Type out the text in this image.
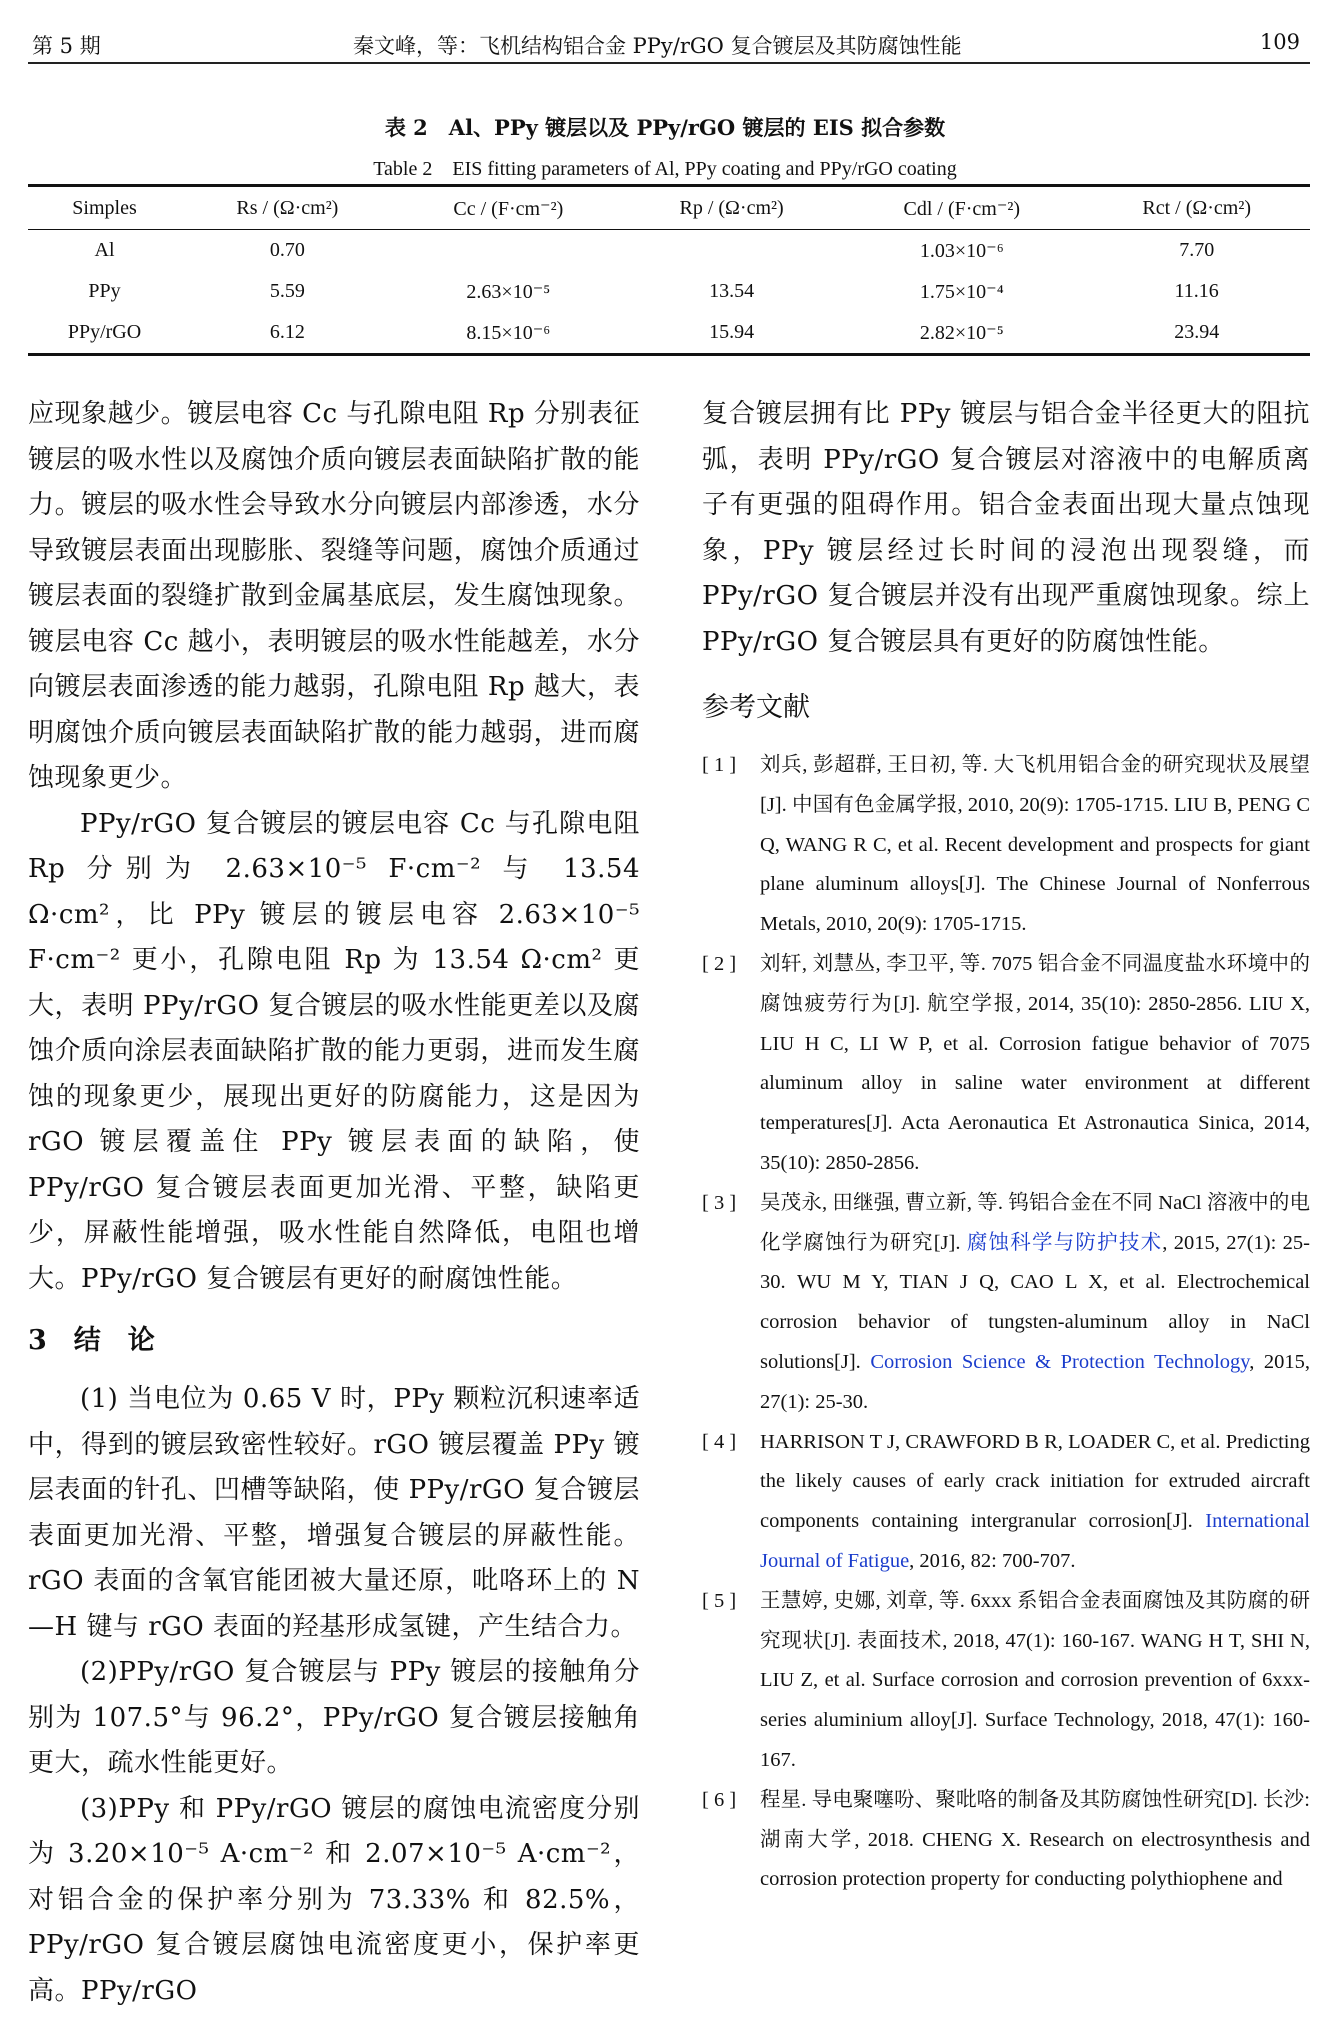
第 5 期	秦文峰，等：飞机结构铝合金 PPy/rGO 复合镀层及其防腐蚀性能	109
表 2　Al、PPy 镀层以及 PPy/rGO 镀层的 EIS 拟合参数
Table 2　EIS fitting parameters of Al, PPy coating and PPy/rGO coating
Simples	Rs / (Ω·cm²)	Cc / (F·cm⁻²)	Rp / (Ω·cm²)	Cdl / (F·cm⁻²)	Rct / (Ω·cm²)
Al	0.70			1.03×10⁻⁶	7.70
PPy	5.59	2.63×10⁻⁵	13.54	1.75×10⁻⁴	11.16
PPy/rGO	6.12	8.15×10⁻⁶	15.94	2.82×10⁻⁵	23.94

应现象越少。镀层电容 Cc 与孔隙电阻 Rp 分别表征镀层的吸水性以及腐蚀介质向镀层表面缺陷扩散的能力。镀层的吸水性会导致水分向镀层内部渗透，水分导致镀层表面出现膨胀、裂缝等问题，腐蚀介质通过镀层表面的裂缝扩散到金属基底层，发生腐蚀现象。镀层电容 Cc 越小，表明镀层的吸水性能越差，水分向镀层表面渗透的能力越弱，孔隙电阻 Rp 越大，表明腐蚀介质向镀层表面缺陷扩散的能力越弱，进而腐蚀现象更少。

PPy/rGO 复合镀层的镀层电容 Cc 与孔隙电阻 Rp 分别为 2.63×10⁻⁵ F·cm⁻² 与 13.54 Ω·cm²，比 PPy 镀层的镀层电容 2.63×10⁻⁵ F·cm⁻² 更小，孔隙电阻 Rp 为 13.54 Ω·cm² 更大，表明 PPy/rGO 复合镀层的吸水性能更差以及腐蚀介质向涂层表面缺陷扩散的能力更弱，进而发生腐蚀的现象更少，展现出更好的防腐能力，这是因为 rGO 镀层覆盖住 PPy 镀层表面的缺陷，使 PPy/rGO 复合镀层表面更加光滑、平整，缺陷更少，屏蔽性能增强，吸水性能自然降低，电阻也增大。PPy/rGO 复合镀层有更好的耐腐蚀性能。

3　结　论

(1) 当电位为 0.65 V 时，PPy 颗粒沉积速率适中，得到的镀层致密性较好。rGO 镀层覆盖 PPy 镀层表面的针孔、凹槽等缺陷，使 PPy/rGO 复合镀层表面更加光滑、平整，增强复合镀层的屏蔽性能。rGO 表面的含氧官能团被大量还原，吡咯环上的 N—H 键与 rGO 表面的羟基形成氢键，产生结合力。

(2)PPy/rGO 复合镀层与 PPy 镀层的接触角分别为 107.5°与 96.2°，PPy/rGO 复合镀层接触角更大，疏水性能更好。

(3)PPy 和 PPy/rGO 镀层的腐蚀电流密度分别为 3.20×10⁻⁵ A·cm⁻² 和 2.07×10⁻⁵ A·cm⁻²，对铝合金的保护率分别为 73.33% 和 82.5%，PPy/rGO 复合镀层腐蚀电流密度更小，保护率更高。PPy/rGO

复合镀层拥有比 PPy 镀层与铝合金半径更大的阻抗弧，表明 PPy/rGO 复合镀层对溶液中的电解质离子有更强的阻碍作用。铝合金表面出现大量点蚀现象，PPy 镀层经过长时间的浸泡出现裂缝，而 PPy/rGO 复合镀层并没有出现严重腐蚀现象。综上 PPy/rGO 复合镀层具有更好的防腐蚀性能。

参考文献
[ 1 ]	刘兵, 彭超群, 王日初, 等. 大飞机用铝合金的研究现状及展望[J]. 中国有色金属学报, 2010, 20(9): 1705-1715. LIU B, PENG C Q, WANG R C, et al. Recent development and prospects for giant plane aluminum alloys[J]. The Chinese Journal of Nonferrous Metals, 2010, 20(9): 1705-1715.
[ 2 ]	刘轩, 刘慧丛, 李卫平, 等. 7075 铝合金不同温度盐水环境中的腐蚀疲劳行为[J]. 航空学报, 2014, 35(10): 2850-2856. LIU X, LIU H C, LI W P, et al. Corrosion fatigue behavior of 7075 aluminum alloy in saline water environment at different temperatures[J]. Acta Aeronautica Et Astronautica Sinica, 2014, 35(10): 2850-2856.
[ 3 ]	吴茂永, 田继强, 曹立新, 等. 钨铝合金在不同 NaCl 溶液中的电化学腐蚀行为研究[J]. 腐蚀科学与防护技术, 2015, 27(1): 25-30. WU M Y, TIAN J Q, CAO L X, et al. Electrochemical corrosion behavior of tungsten-aluminum alloy in NaCl solutions[J]. Corrosion Science & Protection Technology, 2015, 27(1): 25-30.
[ 4 ]	HARRISON T J, CRAWFORD B R, LOADER C, et al. Predicting the likely causes of early crack initiation for extruded aircraft components containing intergranular corrosion[J]. International Journal of Fatigue, 2016, 82: 700-707.
[ 5 ]	王慧婷, 史娜, 刘章, 等. 6xxx 系铝合金表面腐蚀及其防腐的研究现状[J]. 表面技术, 2018, 47(1): 160-167. WANG H T, SHI N, LIU Z, et al. Surface corrosion and corrosion prevention of 6xxx-series aluminium alloy[J]. Surface Technology, 2018, 47(1): 160-167.
[ 6 ]	程星. 导电聚噻吩、聚吡咯的制备及其防腐蚀性研究[D]. 长沙: 湖南大学, 2018. CHENG X. Research on electrosynthesis and corrosion protection property for conducting polythiophene and
